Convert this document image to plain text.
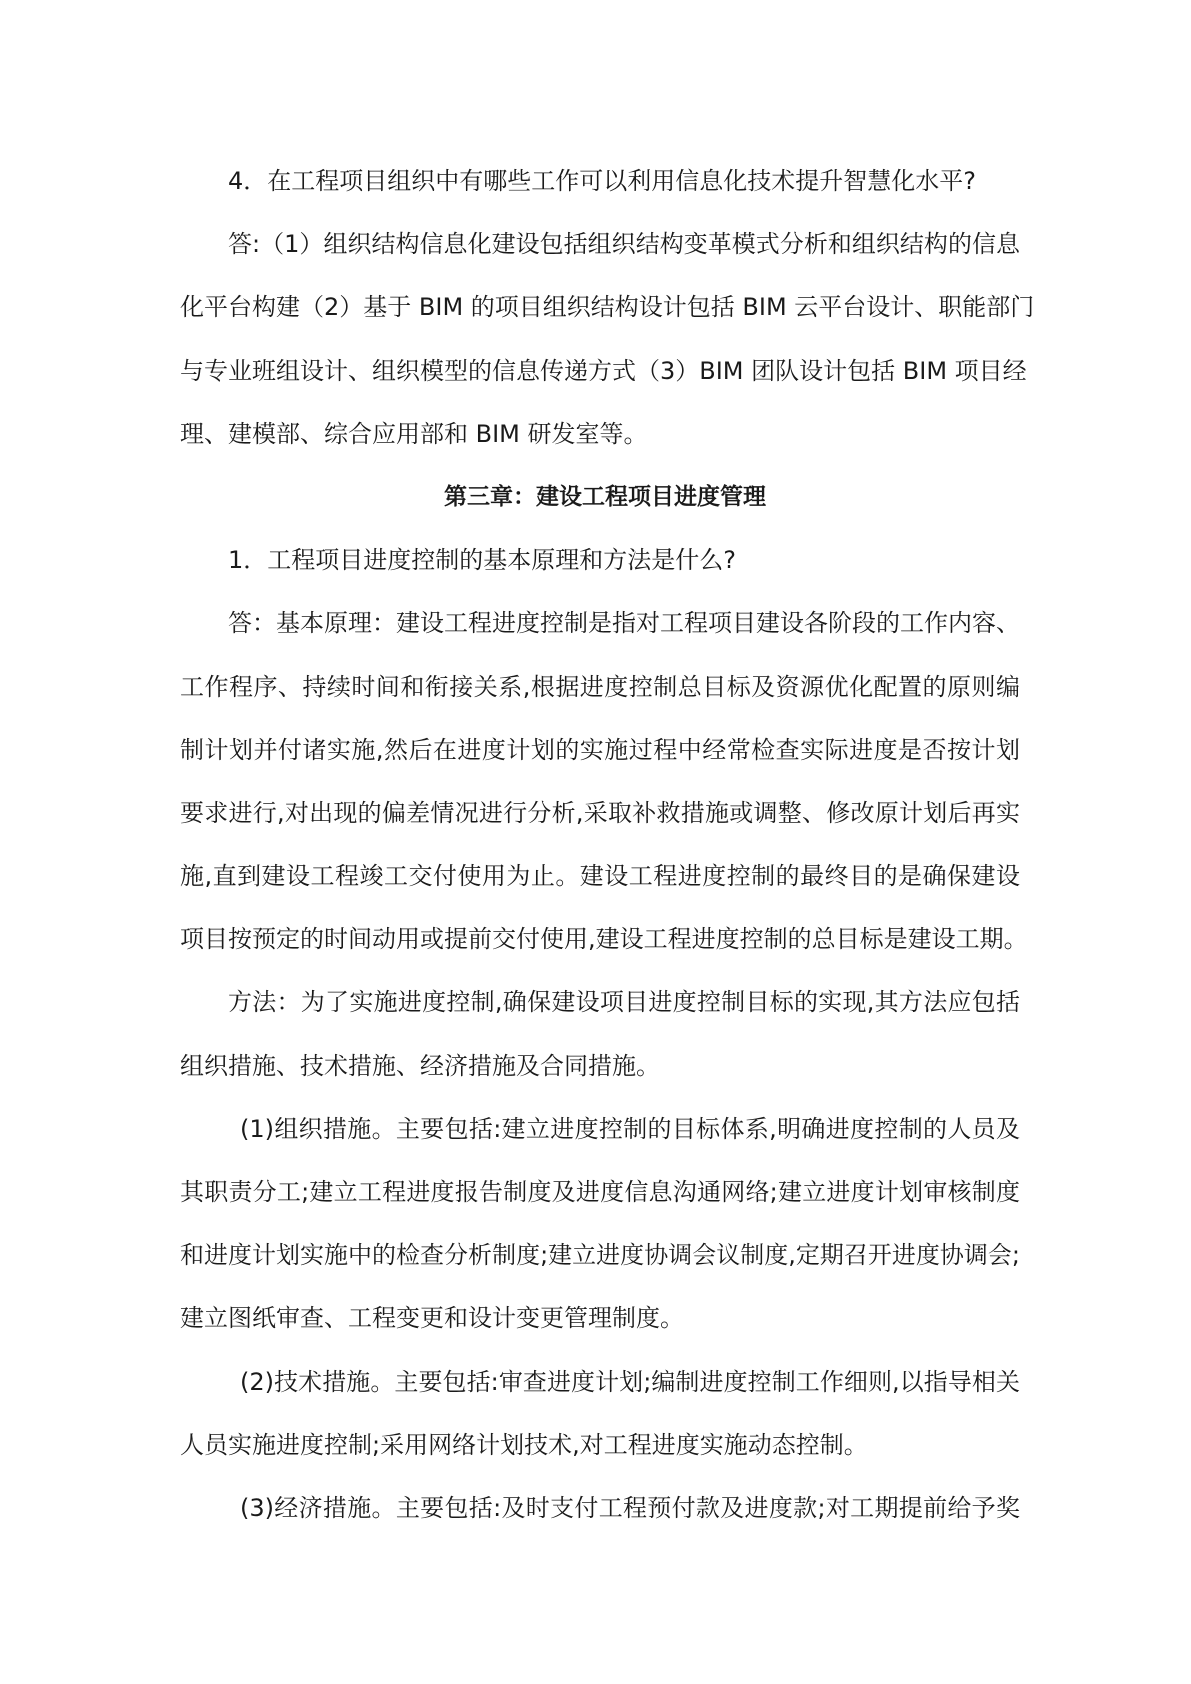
4．在工程项目组织中有哪些工作可以利用信息化技术提升智慧化水平?
答:（1）组织结构信息化建设包括组织结构变革模式分析和组织结构的信息
化平台构建（2）基于 BIM 的项目组织结构设计包括 BIM 云平台设计、职能部门
与专业班组设计、组织模型的信息传递方式（3）BIM 团队设计包括 BIM 项目经
理、建模部、综合应用部和 BIM 研发室等。
第三章：建设工程项目进度管理
1．工程项目进度控制的基本原理和方法是什么?
答：基本原理：建设工程进度控制是指对工程项目建设各阶段的工作内容、
工作程序、持续时间和衔接关系,根据进度控制总目标及资源优化配置的原则编
制计划并付诸实施,然后在进度计划的实施过程中经常检查实际进度是否按计划
要求进行,对出现的偏差情况进行分析,采取补救措施或调整、修改原计划后再实
施,直到建设工程竣工交付使用为止。建设工程进度控制的最终目的是确保建设
项目按预定的时间动用或提前交付使用,建设工程进度控制的总目标是建设工期。
方法：为了实施进度控制,确保建设项目进度控制目标的实现,其方法应包括
组织措施、技术措施、经济措施及合同措施。
(1)组织措施。主要包括:建立进度控制的目标体系,明确进度控制的人员及
其职责分工;建立工程进度报告制度及进度信息沟通网络;建立进度计划审核制度
和进度计划实施中的检查分析制度;建立进度协调会议制度,定期召开进度协调会;
建立图纸审查、工程变更和设计变更管理制度。
(2)技术措施。主要包括:审查进度计划;编制进度控制工作细则,以指导相关
人员实施进度控制;采用网络计划技术,对工程进度实施动态控制。
(3)经济措施。主要包括:及时支付工程预付款及进度款;对工期提前给予奖
